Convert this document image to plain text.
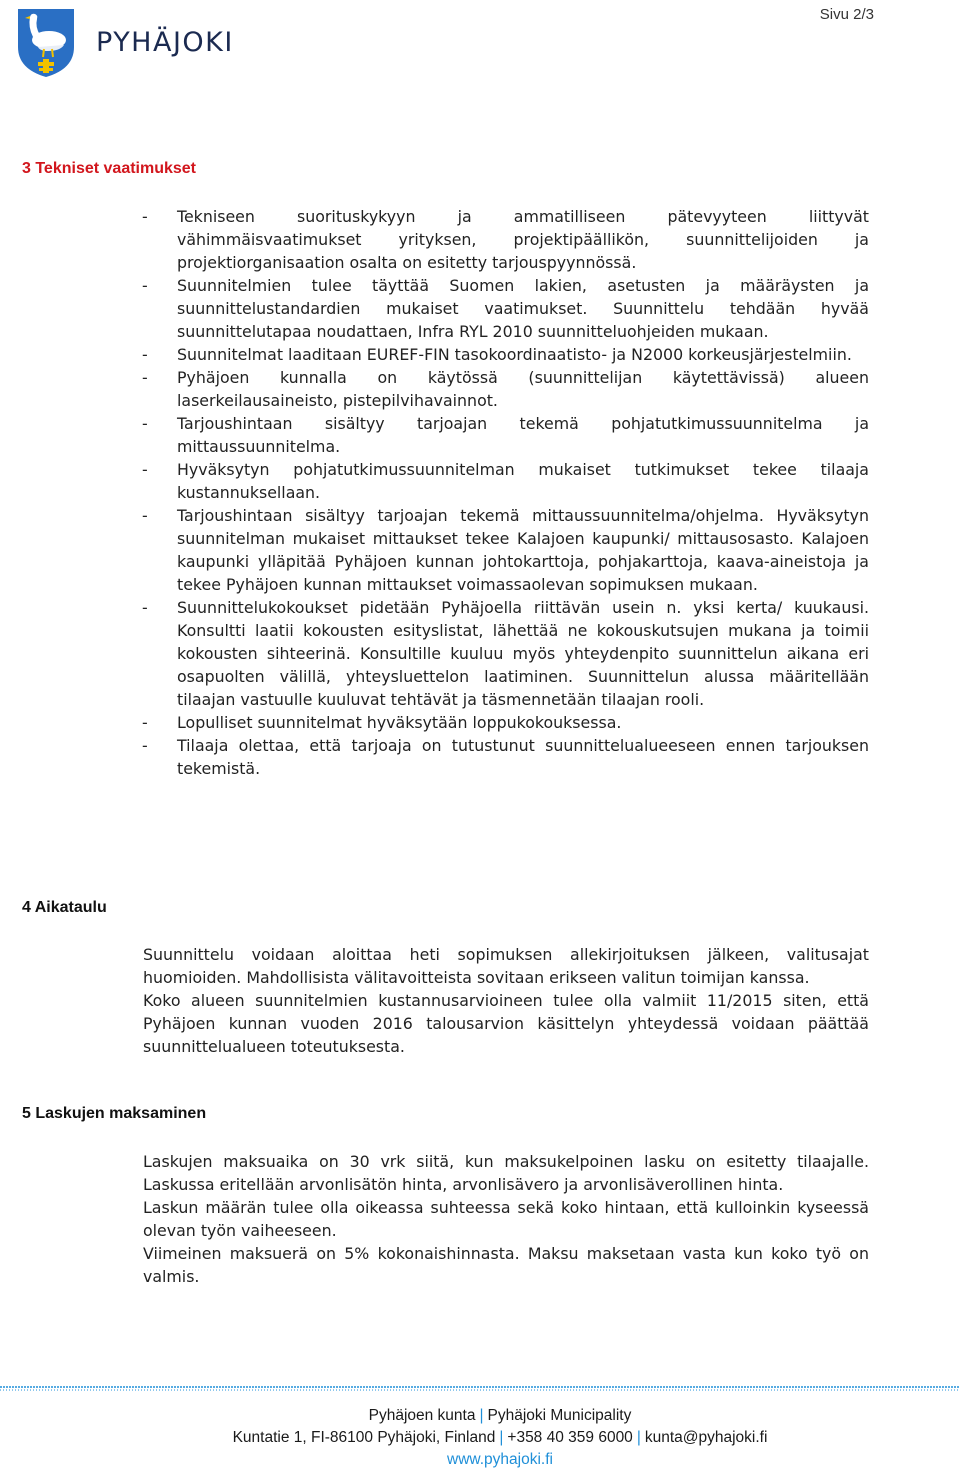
PYHÄJOKI
Sivu 2/3
3 Tekniset vaatimukset
- Tekniseen suorituskykyyn ja ammatilliseen pätevyyteen liittyvät vähimmäisvaatimukset yrityksen, projektipäällikön, suunnittelijoiden ja projektiorganisaation osalta on esitetty tarjouspyynnössä.

- Suunnitelmien tulee täyttää Suomen lakien, asetusten ja määräysten ja suunnittelustandardien mukaiset vaatimukset. Suunnittelu tehdään hyvää suunnittelutapaa noudattaen, Infra RYL 2010 suunnitteluohjeiden mukaan.

- Suunnitelmat laaditaan EUREF-FIN tasokoordinaatisto- ja N2000 korkeusjärjestelmiin.

- Pyhäjoen kunnalla on käytössä (suunnittelijan käytettävissä) alueen laserkeilausaineisto, pistepilvihavainnot.

- Tarjoushintaan sisältyy tarjoajan tekemä pohjatutkimussuunnitelma ja mittaussuunnitelma.

- Hyväksytyn pohjatutkimussuunnitelman mukaiset tutkimukset tekee tilaaja kustannuksellaan.

- Tarjoushintaan sisältyy tarjoajan tekemä mittaussuunnitelma/ohjelma. Hyväksytyn suunnitelman mukaiset mittaukset tekee Kalajoen kaupunki/ mittausosasto. Kalajoen kaupunki ylläpitää Pyhäjoen kunnan johtokarttoja, pohjakarttoja, kaava-aineistoja ja tekee Pyhäjoen kunnan mittaukset voimassaolevan sopimuksen mukaan.

- Suunnittelukokoukset pidetään Pyhäjoella riittävän usein n. yksi kerta/ kuukausi. Konsultti laatii kokousten esityslistat, lähettää ne kokouskutsujen mukana ja toimii kokousten sihteerinä. Konsultille kuuluu myös yhteydenpito suunnittelun aikana eri osapuolten välillä, yhteysluettelon laatiminen. Suunnittelun alussa määritellään tilaajan vastuulle kuuluvat tehtävät ja täsmennetään tilaajan rooli.

- Lopulliset suunnitelmat hyväksytään loppukokouksessa.

- Tilaaja olettaa, että tarjoaja on tutustunut suunnittelualueeseen ennen tarjouksen tekemistä.

4 Aikataulu

Suunnittelu voidaan aloittaa heti sopimuksen allekirjoituksen jälkeen, valitusajat huomioiden. Mahdollisista välitavoitteista sovitaan erikseen valitun toimijan kanssa.

Koko alueen suunnitelmien kustannusarvioineen tulee olla valmiit 11/2015 siten, että Pyhäjoen kunnan vuoden 2016 talousarvion käsittelyn yhteydessä voidaan päättää suunnittelualueen toteutuksesta.

5 Laskujen maksaminen

Laskujen maksuaika on 30 vrk siitä, kun maksukelpoinen lasku on esitetty tilaajalle. Laskussa eritellään arvonlisätön hinta, arvonlisävero ja arvonlisäverollinen hinta.

Laskun määrän tulee olla oikeassa suhteessa sekä koko hintaan, että kulloinkin kyseessä olevan työn vaiheeseen.

Viimeinen maksuerä on 5% kokonaishinnasta. Maksu maksetaan vasta kun koko työ on valmis.

Pyhäjoen kunta | Pyhäjoki Municipality
Kuntatie 1, FI-86100 Pyhäjoki, Finland | +358 40 359 6000 | kunta@pyhajoki.fi
www.pyhajoki.fi
